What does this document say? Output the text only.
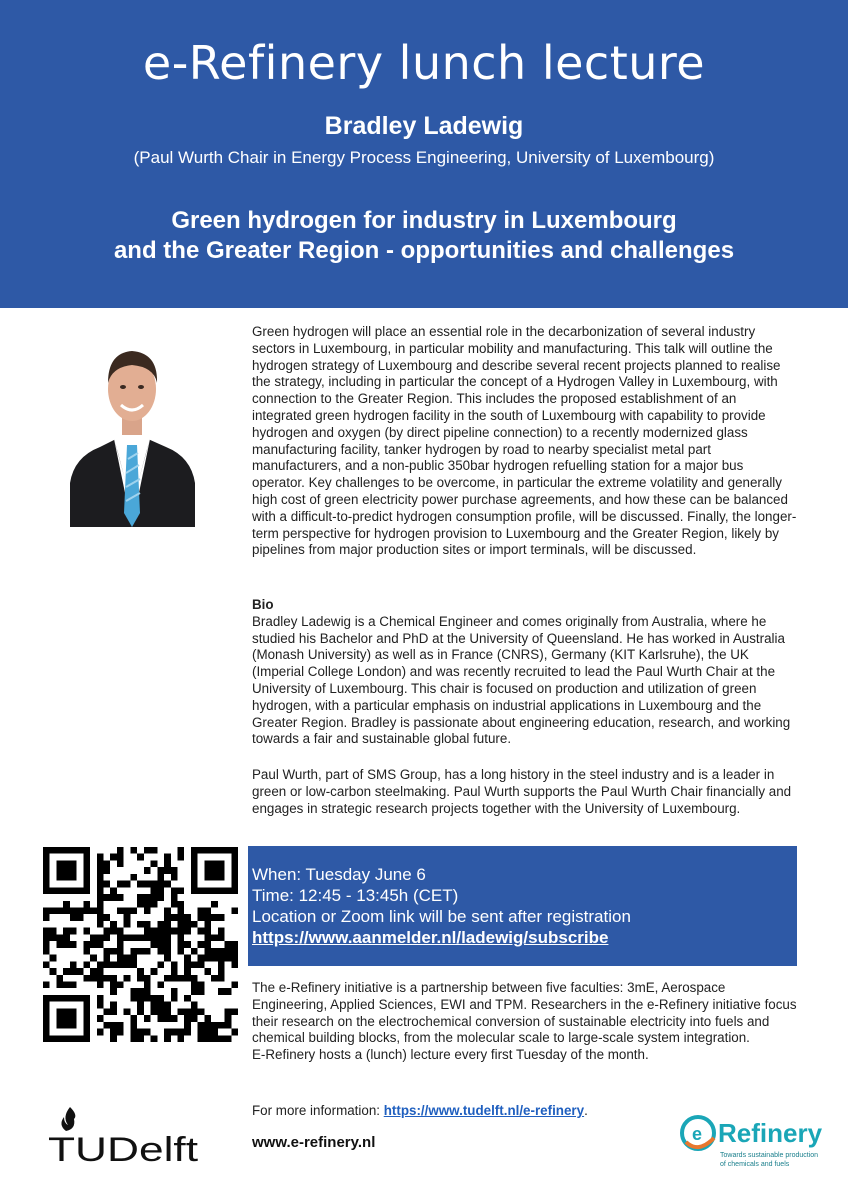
e-Refinery lunch lecture
Bradley Ladewig
(Paul Wurth Chair in Energy Process Engineering, University of Luxembourg)
Green hydrogen for industry in Luxembourg
and the Greater Region - opportunities and challenges
Green hydrogen will place an essential role in the decarbonization of several industry sectors in Luxembourg, in particular mobility and manufacturing. This talk will outline the hydrogen strategy of Luxembourg and describe several recent projects planned to realise the strategy, including in particular the concept of a Hydrogen Valley in Luxembourg, with connection to the Greater Region. This includes the proposed establishment of an integrated green hydrogen facility in the south of Luxembourg with capability to provide hydrogen and oxygen (by direct pipeline connection) to a recently modernized glass manufacturing facility, tanker hydrogen by road to nearby specialist metal part manufacturers, and a non-public 350bar hydrogen refuelling station for a major bus operator. Key challenges to be overcome, in particular the extreme volatility and generally high cost of green electricity power purchase agreements, and how these can be balanced with a difficult-to-predict hydrogen consumption profile, will be discussed. Finally, the longer-term perspective for hydrogen provision to Luxembourg and the Greater Region, likely by pipelines from major production sites or import terminals, will be discussed.
Bio
Bradley Ladewig is a Chemical Engineer and comes originally from Australia, where he studied his Bachelor and PhD at the University of Queensland. He has worked in Australia (Monash University) as well as in France (CNRS), Germany (KIT Karlsruhe), the UK (Imperial College London) and was recently recruited to lead the Paul Wurth Chair at the University of Luxembourg. This chair is focused on production and utilization of green hydrogen, with a particular emphasis on industrial applications in Luxembourg and the Greater Region. Bradley is passionate about engineering education, research, and working towards a fair and sustainable global future.
Paul Wurth, part of SMS Group, has a long history in the steel industry and is a leader in green or low-carbon steelmaking. Paul Wurth supports the Paul Wurth Chair financially and engages in strategic research projects together with the University of Luxembourg.
When: Tuesday June 6
Time: 12:45 - 13:45h (CET)
Location or Zoom link will be sent after registration
https://www.aanmelder.nl/ladewig/subscribe
The e-Refinery initiative is a partnership between five faculties: 3mE, Aerospace Engineering, Applied Sciences, EWI and TPM. Researchers in the e-Refinery initiative focus their research on the electrochemical conversion of sustainable electricity into fuels and chemical building blocks, from the molecular scale to large-scale system integration.
E-Refinery hosts a (lunch) lecture every first Tuesday of the month.
For more information: https://www.tudelft.nl/e-refinery.
www.e-refinery.nl
TUDelft	e Refinery
Towards sustainable production
of chemicals and fuels
